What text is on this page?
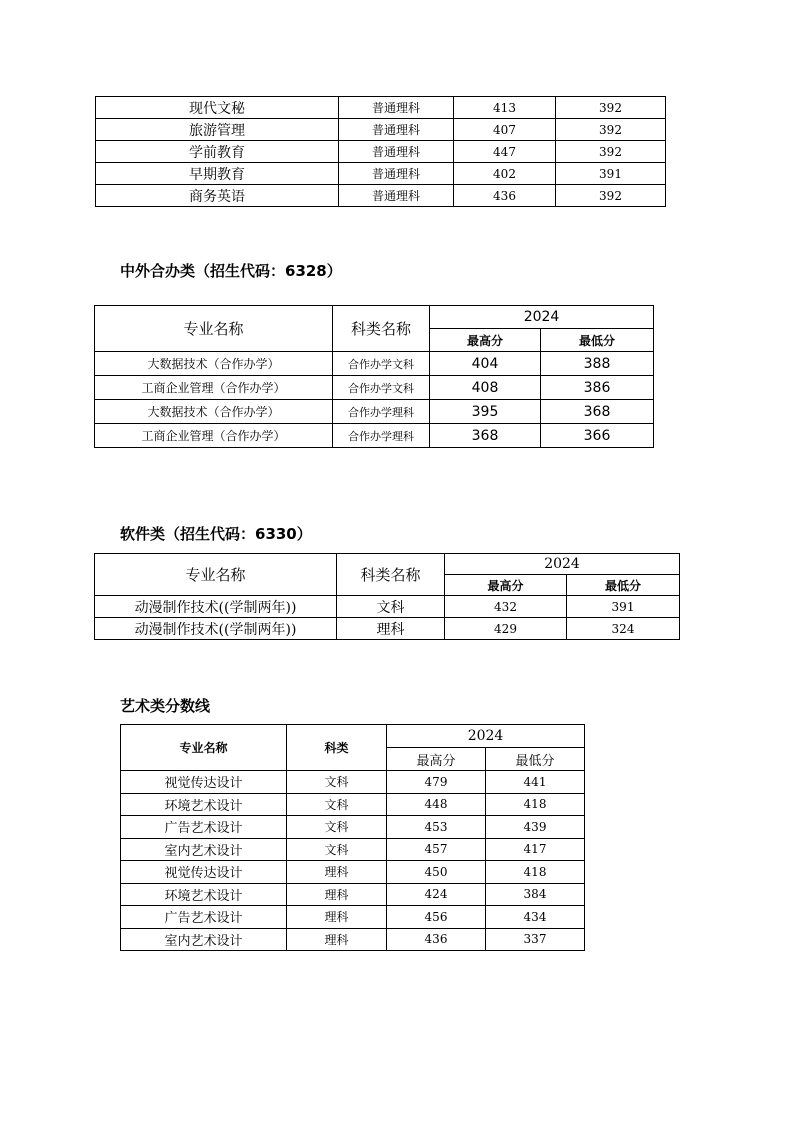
现代文秘	普通理科	413	392
旅游管理	普通理科	407	392
学前教育	普通理科	447	392
早期教育	普通理科	402	391
商务英语	普通理科	436	392
中外合办类（招生代码：6328）
专业名称	科类名称	2024	
		最高分	最低分
大数据技术（合作办学）	合作办学文科	404	388
工商企业管理（合作办学）	合作办学文科	408	386
大数据技术（合作办学）	合作办学理科	395	368
工商企业管理（合作办学）	合作办学理科	368	366
软件类（招生代码：6330）
专业名称	科类名称	2024	
		最高分	最低分
动漫制作技术((学制两年))	文科	432	391
动漫制作技术((学制两年))	理科	429	324
艺术类分数线
专业名称	科类	2024	
		最高分	最低分
视觉传达设计	文科	479	441
环境艺术设计	文科	448	418
广告艺术设计	文科	453	439
室内艺术设计	文科	457	417
视觉传达设计	理科	450	418
环境艺术设计	理科	424	384
广告艺术设计	理科	456	434
室内艺术设计	理科	436	337
